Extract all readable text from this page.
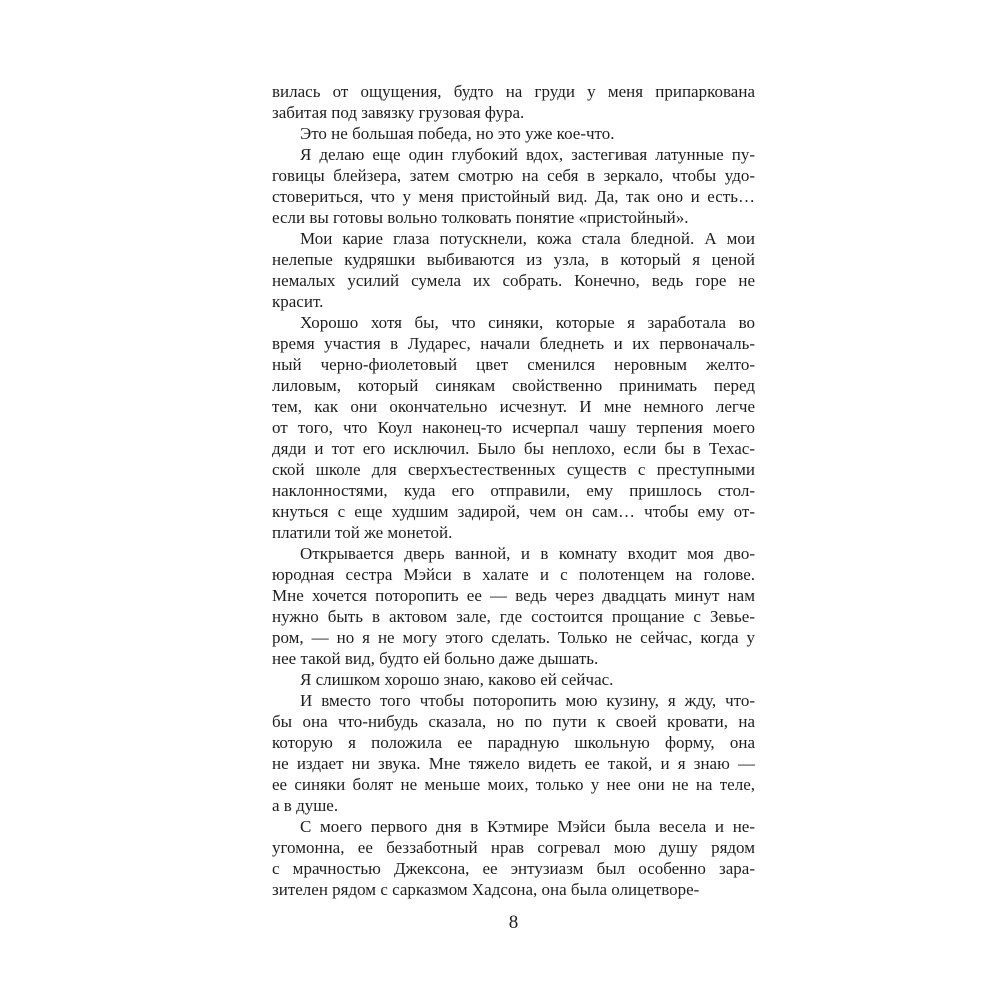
вилась от ощущения, будто на груди у меня припаркована
забитая под завязку грузовая фура.

Это не большая победа, но это уже кое-что.

Я делаю еще один глубокий вдох, застегивая латунные пу-
говицы блейзера, затем смотрю на себя в зеркало, чтобы удо-
стовериться, что у меня пристойный вид. Да, так оно и есть…
если вы готовы вольно толковать понятие «пристойный».

Мои карие глаза потускнели, кожа стала бледной. А мои
нелепые кудряшки выбиваются из узла, в который я ценой
немалых усилий сумела их собрать. Конечно, ведь горе не
красит.

Хорошо хотя бы, что синяки, которые я заработала во
время участия в Лударес, начали бледнеть и их первоначаль-
ный черно-фиолетовый цвет сменился неровным желто-
лиловым, который синякам свойственно принимать перед
тем, как они окончательно исчезнут. И мне немного легче
от того, что Коул наконец-то исчерпал чашу терпения моего
дяди и тот его исключил. Было бы неплохо, если бы в Техас-
ской школе для сверхъестественных существ с преступными
наклонностями, куда его отправили, ему пришлось стол-
кнуться с еще худшим задирой, чем он сам… чтобы ему от-
платили той же монетой.

Открывается дверь ванной, и в комнату входит моя дво-
юродная сестра Мэйси в халате и с полотенцем на голове.
Мне хочется поторопить ее — ведь через двадцать минут нам
нужно быть в актовом зале, где состоится прощание с Зевье-
ром, — но я не могу этого сделать. Только не сейчас, когда у
нее такой вид, будто ей больно даже дышать.

Я слишком хорошо знаю, каково ей сейчас.

И вместо того чтобы поторопить мою кузину, я жду, что-
бы она что-нибудь сказала, но по пути к своей кровати, на
которую я положила ее парадную школьную форму, она
не издает ни звука. Мне тяжело видеть ее такой, и я знаю —
ее синяки болят не меньше моих, только у нее они не на теле,
а в душе.

С моего первого дня в Кэтмире Мэйси была весела и не-
угомонна, ее беззаботный нрав согревал мою душу рядом
с мрачностью Джексона, ее энтузиазм был особенно зара-
зителен рядом с сарказмом Хадсона, она была олицетворе-

8
